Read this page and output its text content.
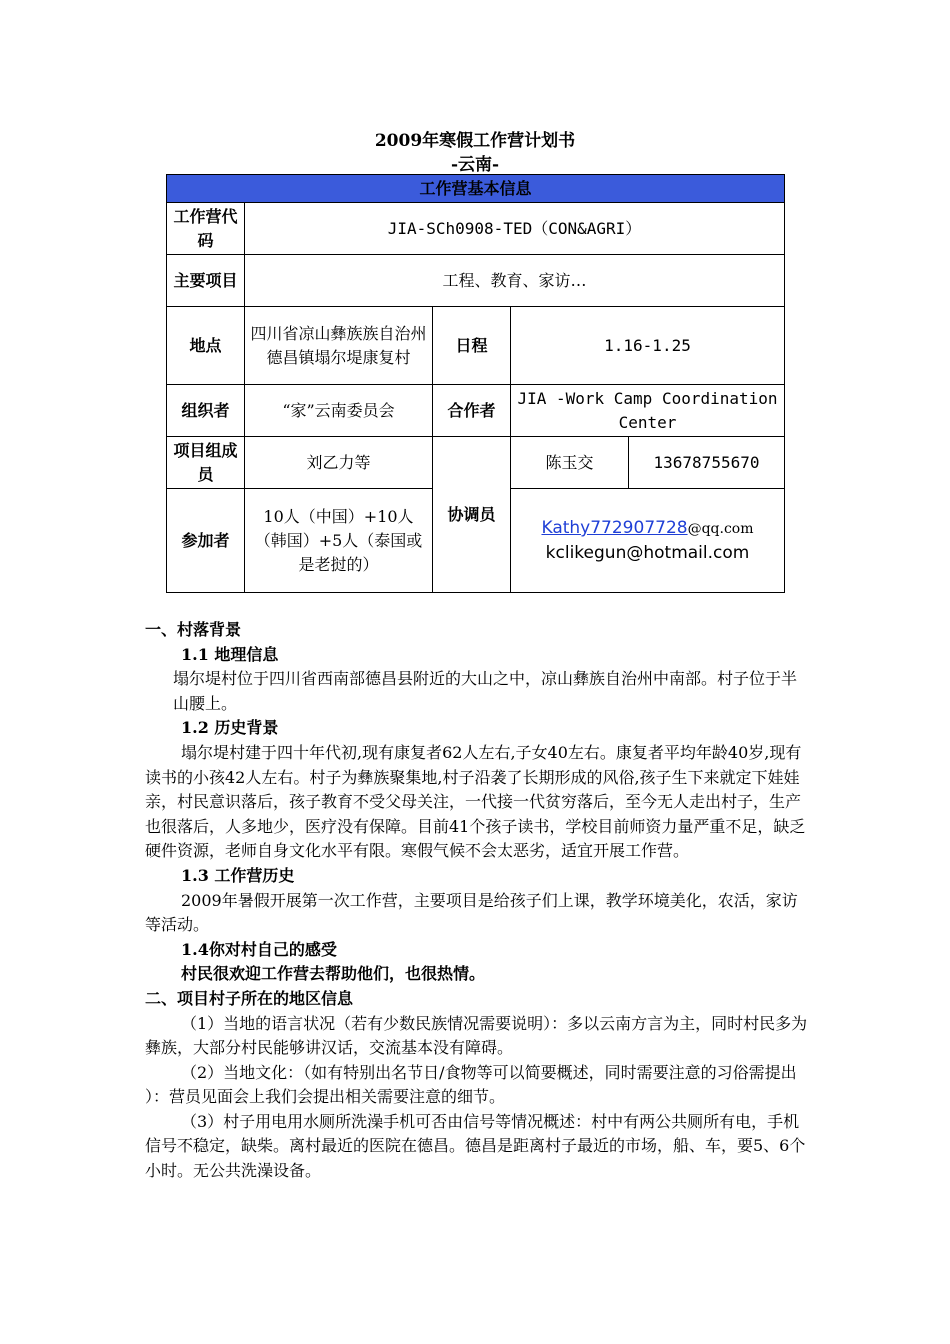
2009年寒假工作营计划书
-云南-
工作营基本信息				
工作营代码	JIA-SCh0908-TED（CON&AGRI）			
主要项目	工程、教育、家访…			
地点	四川省凉山彝族族自治州德昌镇塌尔堤康复村	日程	1.16-1.25	
组织者	“家”云南委员会	合作者	JIA -Work Camp Coordination Center	
项目组成员	刘乙力等	协调员	陈玉交	13678755670
参加者	10人（中国）+10人（韩国）+5人（泰国或是老挝的）		Kathy772907728@qq.com
kclikegun@hotmail.com	

一、村落背景

1.1 地理信息

塌尔堤村位于四川省西南部德昌县附近的大山之中，凉山彝族自治州中南部。村子位于半山腰上。

1.2 历史背景

塌尔堤村建于四十年代初,现有康复者62人左右,子女40左右。康复者平均年龄40岁,现有读书的小孩42人左右。村子为彝族聚集地,村子沿袭了长期形成的风俗,孩子生下来就定下娃娃亲，村民意识落后，孩子教育不受父母关注，一代接一代贫穷落后，至今无人走出村子，生产也很落后，人多地少，医疗没有保障。目前41个孩子读书，学校目前师资力量严重不足，缺乏硬件资源，老师自身文化水平有限。寒假气候不会太恶劣，适宜开展工作营。

1.3 工作营历史

2009年暑假开展第一次工作营，主要项目是给孩子们上课，教学环境美化，农活，家访等活动。

1.4你对村自己的感受

村民很欢迎工作营去帮助他们，也很热情。

二、项目村子所在的地区信息

（1）当地的语言状况（若有少数民族情况需要说明）：多以云南方言为主，同时村民多为彝族，大部分村民能够讲汉话，交流基本没有障碍。

（2）当地文化：（如有特别出名节日/食物等可以简要概述，同时需要注意的习俗需提出 ）：营员见面会上我们会提出相关需要注意的细节。

（3）村子用电用水厕所洗澡手机可否由信号等情况概述：村中有两公共厕所有电，手机信号不稳定，缺柴。离村最近的医院在德昌。德昌是距离村子最近的市场，船、车，要5、6个小时。无公共洗澡设备。
